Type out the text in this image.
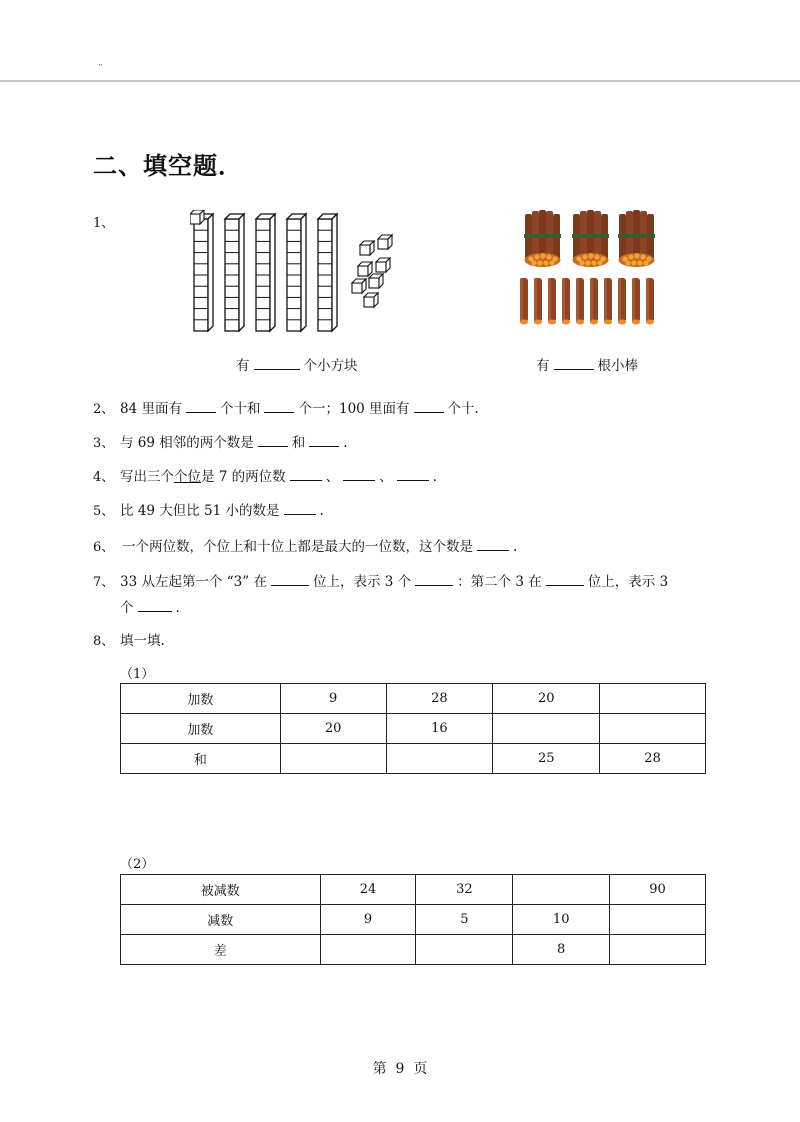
¨
二、填空题．
1、
有	个小方块	有	根小棒
2、 84 里面有	个十和	个一；100 里面有	个十.
3、 与 69 相邻的两个数是	和	.
4、 写出三个个位是 7 的两位数	、	、	.
5、 比 49 大但比 51 小的数是	.
6、 一个两位数，个位上和十位上都是最大的一位数，这个数是	.
7、 33 从左起第一个 “3” 在	位上，表示 3 个	：第二个 3 在	位上，表示 3
个	.
8、 填一填.
（1）
加数	9	28	20	
加数	20	16		
和			25	28
（2）
被减数	24	32		90
减数	9	5	10	
差			8	
第  9  页
